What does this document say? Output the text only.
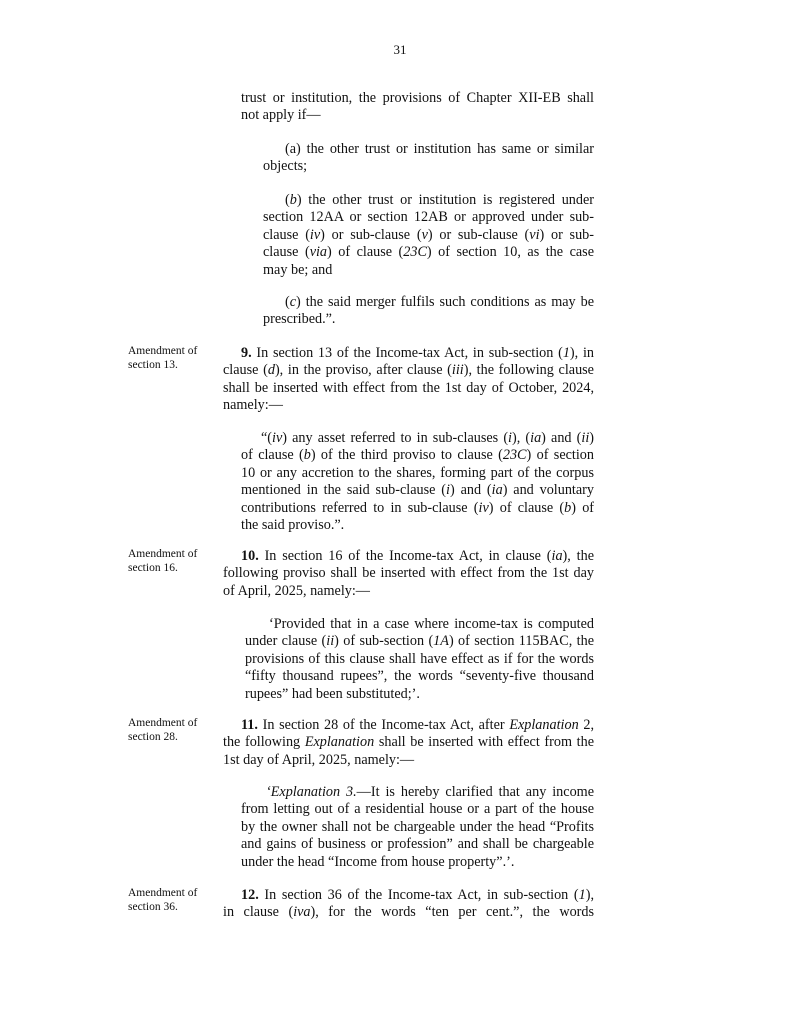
31

trust or institution, the provisions of Chapter XII-EB shall
not apply if—

(a) the other trust or institution has same or similar
objects;

(b) the other trust or institution is registered under
section 12AA or section 12AB or approved under sub-
clause (iv) or sub-clause (v) or sub-clause (vi) or sub-
clause (via) of clause (23C) of section 10, as the case
may be; and

(c) the said merger fulfils such conditions as may be
prescribed.”.

Amendment of
section 13.

9. In section 13 of the Income-tax Act, in sub-section (1), in
clause (d), in the proviso, after clause (iii), the following clause
shall be inserted with effect from the 1st day of October, 2024,
namely:—

“(iv) any asset referred to in sub-clauses (i), (ia) and (ii)
of clause (b) of the third proviso to clause (23C) of section
10 or any accretion to the shares, forming part of the corpus
mentioned in the said sub-clause (i) and (ia) and voluntary
contributions referred to in sub-clause (iv) of clause (b) of
the said proviso.”.

Amendment of
section 16.

10. In section 16 of the Income-tax Act, in clause (ia), the
following proviso shall be inserted with effect from the 1st day
of April, 2025, namely:—

‘Provided that in a case where income-tax is computed
under clause (ii) of sub-section (1A) of section 115BAC, the
provisions of this clause shall have effect as if for the words
“fifty thousand rupees”, the words “seventy-five thousand
rupees” had been substituted;’.

Amendment of
section 28.

11. In section 28 of the Income-tax Act, after Explanation 2,
the following Explanation shall be inserted with effect from the
1st day of April, 2025, namely:—

‘Explanation 3.—It is hereby clarified that any income
from letting out of a residential house or a part of the house
by the owner shall not be chargeable under the head “Profits
and gains of business or profession” and shall be chargeable
under the head “Income from house property”.’.

Amendment of
section 36.

12. In section 36 of the Income-tax Act, in sub-section (1),
in clause (iva), for the words “ten per cent.”, the words
